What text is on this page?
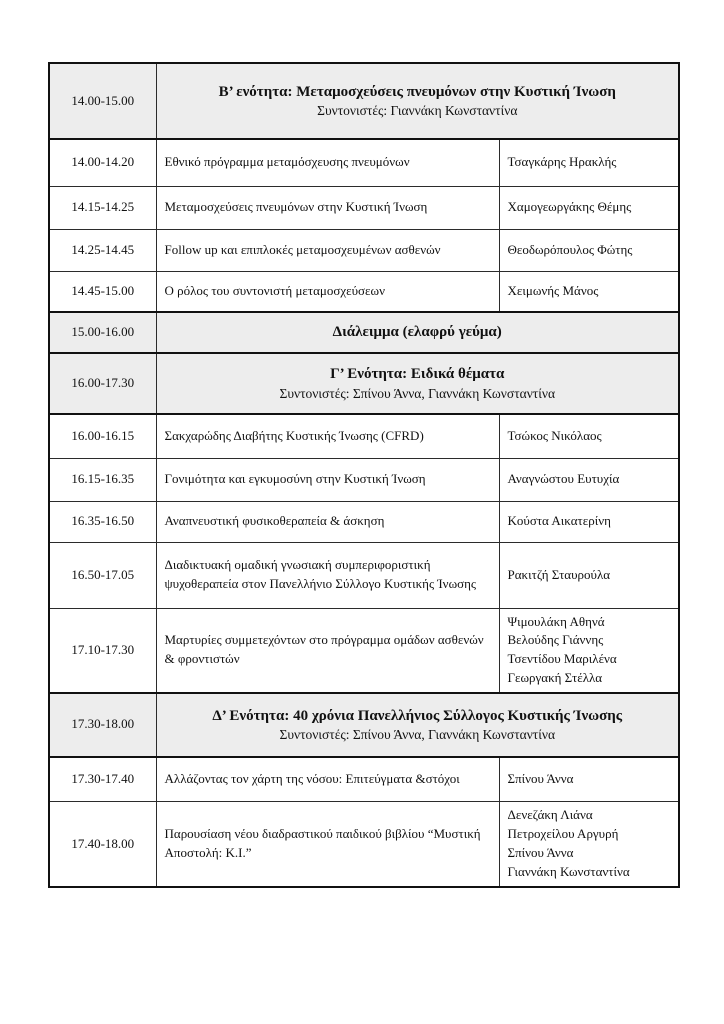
14.00-15.00	Β’ ενότητα: Μεταμοσχεύσεις πνευμόνων στην Κυστική Ίνωση
Συντονιστές: Γιαννάκη Κωνσταντίνα	

14.00-14.20	Εθνικό πρόγραμμα μεταμόσχευσης πνευμόνων	Τσαγκάρης Ηρακλής

14.15-14.25	Μεταμοσχεύσεις πνευμόνων στην Κυστική Ίνωση	Χαμογεωργάκης Θέμης

14.25-14.45	Follow up και επιπλοκές μεταμοσχευμένων ασθενών	Θεοδωρόπουλος Φώτης

14.45-15.00	Ο ρόλος του συντονιστή μεταμοσχεύσεων	Χειμωνής Μάνος

15.00-16.00	Διάλειμμα (ελαφρύ γεύμα)	

16.00-17.30	Γ’ Ενότητα: Ειδικά θέματα
Συντονιστές: Σπίνου Άννα, Γιαννάκη Κωνσταντίνα	

16.00-16.15	Σακχαρώδης Διαβήτης Κυστικής Ίνωσης (CFRD)	Τσώκος Νικόλαος

16.15-16.35	Γονιμότητα και εγκυμοσύνη στην Κυστική Ίνωση	Αναγνώστου Ευτυχία

16.35-16.50	Αναπνευστική φυσικοθεραπεία & άσκηση	Κούστα Αικατερίνη

16.50-17.05	Διαδικτυακή ομαδική γνωσιακή συμπεριφοριστική ψυχοθεραπεία στον Πανελλήνιο Σύλλογο Κυστικής Ίνωσης	Ρακιτζή Σταυρούλα

17.10-17.30	Μαρτυρίες συμμετεχόντων στο πρόγραμμα ομάδων ασθενών & φροντιστών	Ψιμουλάκη Αθηνά
Βελούδης Γιάννης
Τσεντίδου Μαριλένα
Γεωργακή Στέλλα

17.30-18.00	Δ’ Ενότητα: 40 χρόνια Πανελλήνιος Σύλλογος Κυστικής Ίνωσης
Συντονιστές: Σπίνου Άννα, Γιαννάκη Κωνσταντίνα	

17.30-17.40	Αλλάζοντας τον χάρτη της νόσου: Επιτεύγματα &στόχοι	Σπίνου Άννα

17.40-18.00	Παρουσίαση νέου διαδραστικού παιδικού βιβλίου “Μυστική Αποστολή: Κ.Ι.”	Δενεζάκη Λιάνα
Πετροχείλου Αργυρή
Σπίνου Άννα
Γιαννάκη Κωνσταντίνα
